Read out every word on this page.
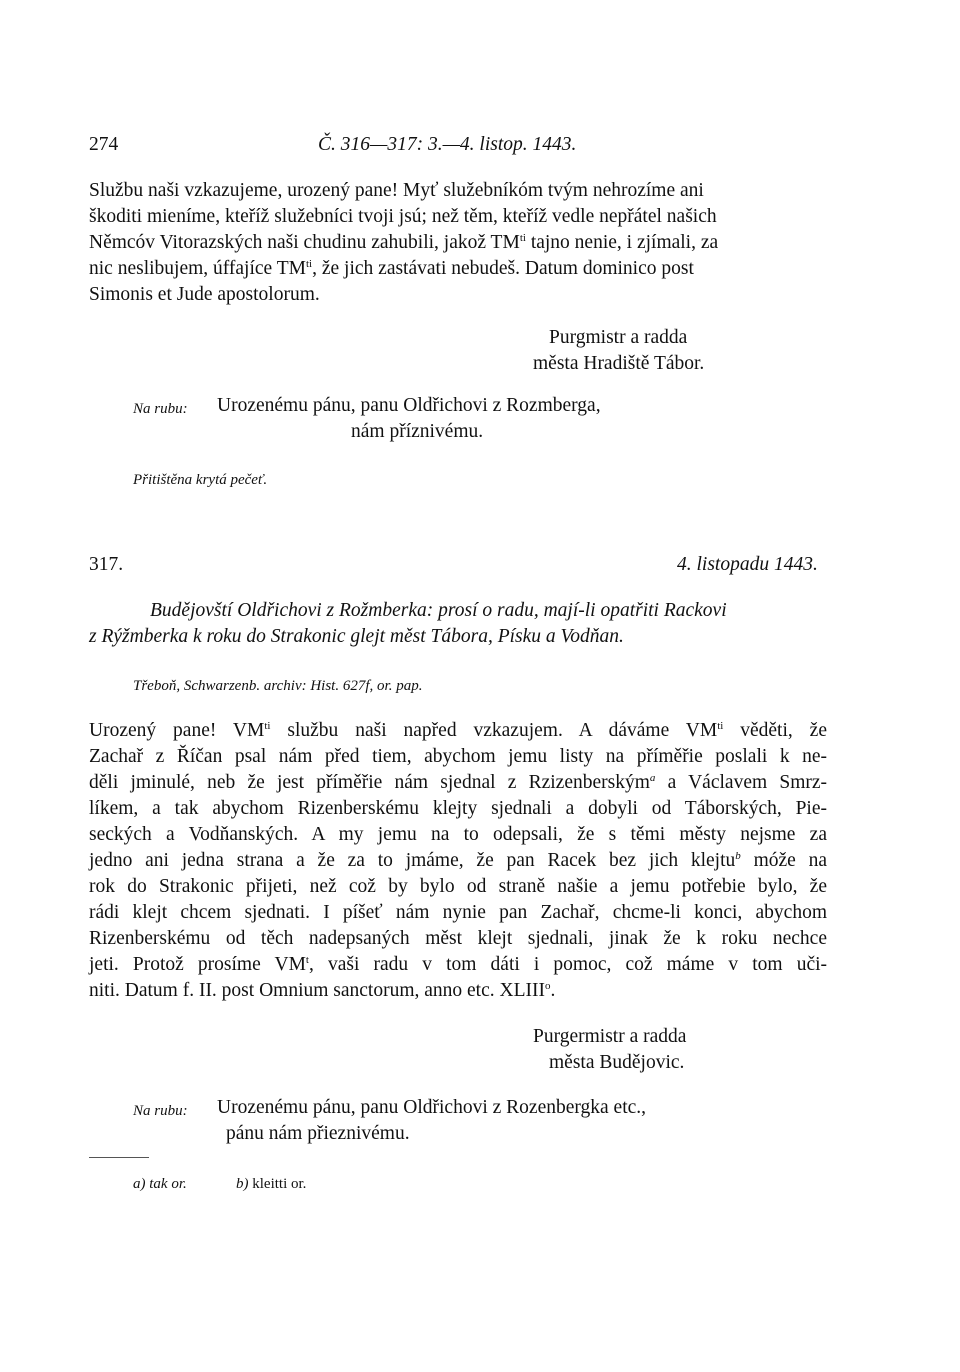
274	Č. 316—317: 3.—4. listop. 1443.
Službu naši vzkazujeme, urozený pane! Myť služebníkóm tvým nehrozíme ani
škoditi mieníme, kteříž služebníci tvoji jsú; než těm, kteříž vedle nepřátel našich
Němcóv Vitorazských naši chudinu zahubili, jakož $TM^{ti}$ tajno nenie, i zjímali, za
nic neslibujem, úffajíce $TM^{ti}$, že jich zastávati nebudeš. Datum dominico post
Simonis et Jude apostolorum.
Purgmistr a radda
města Hradiště Tábor.
Na rubu: Urozenému pánu, panu Oldřichovi z Rozmberga,
nám příznivému.
Přitištěna krytá pečeť.
317.	4. listopadu 1443.
Budějovští Oldřichovi z Rožmberka: prosí o radu, mají-li opatřiti Rackovi
z Rýžmberka k roku do Strakonic glejt měst Tábora, Písku a Vodňan.
Třeboň, Schwarzenb. archiv: Hist. 627f, or. pap.
Urozený pane! $VM^{ti}$ službu naši napřed vzkazujem. A dáváme $VM^{ti}$ věděti, že
Zachař z Říčan psal nám před tiem, abychom jemu listy na příměřie poslali k ne-
děli jminulé, neb že jest příměřie nám sjednal z Rzizenberským$^a$ a Václavem Smrz-
líkem, a tak abychom Rizenberskému klejty sjednali a dobyli od Táborských, Pie-
seckých a Vodňanských. A my jemu na to odepsali, že s těmi městy nejsme za
jedno ani jedna strana a že za to jmáme, že pan Racek bez jich klejtu$^b$ móže na
rok do Strakonic přijeti, než což by bylo od straně našie a jemu potřebie bylo, že
rádi klejt chcem sjednati. I píšeť nám nynie pan Zachař, chcme-li konci, abychom
Rizenberskému od těch nadepsaných měst klejt sjednali, jinak že k roku nechce
jeti. Protož prosíme $VM^t$, vaši radu v tom dáti i pomoc, což máme v tom uči-
niti. Datum f. II. post Omnium sanctorum, anno etc. XLIII$^o$.
Purgermistr a radda
města Budějovic.
Na rubu: Urozenému pánu, panu Oldřichovi z Rozenbergka etc.,
pánu nám přieznivému.
a) tak or.	b) kleitti or.
